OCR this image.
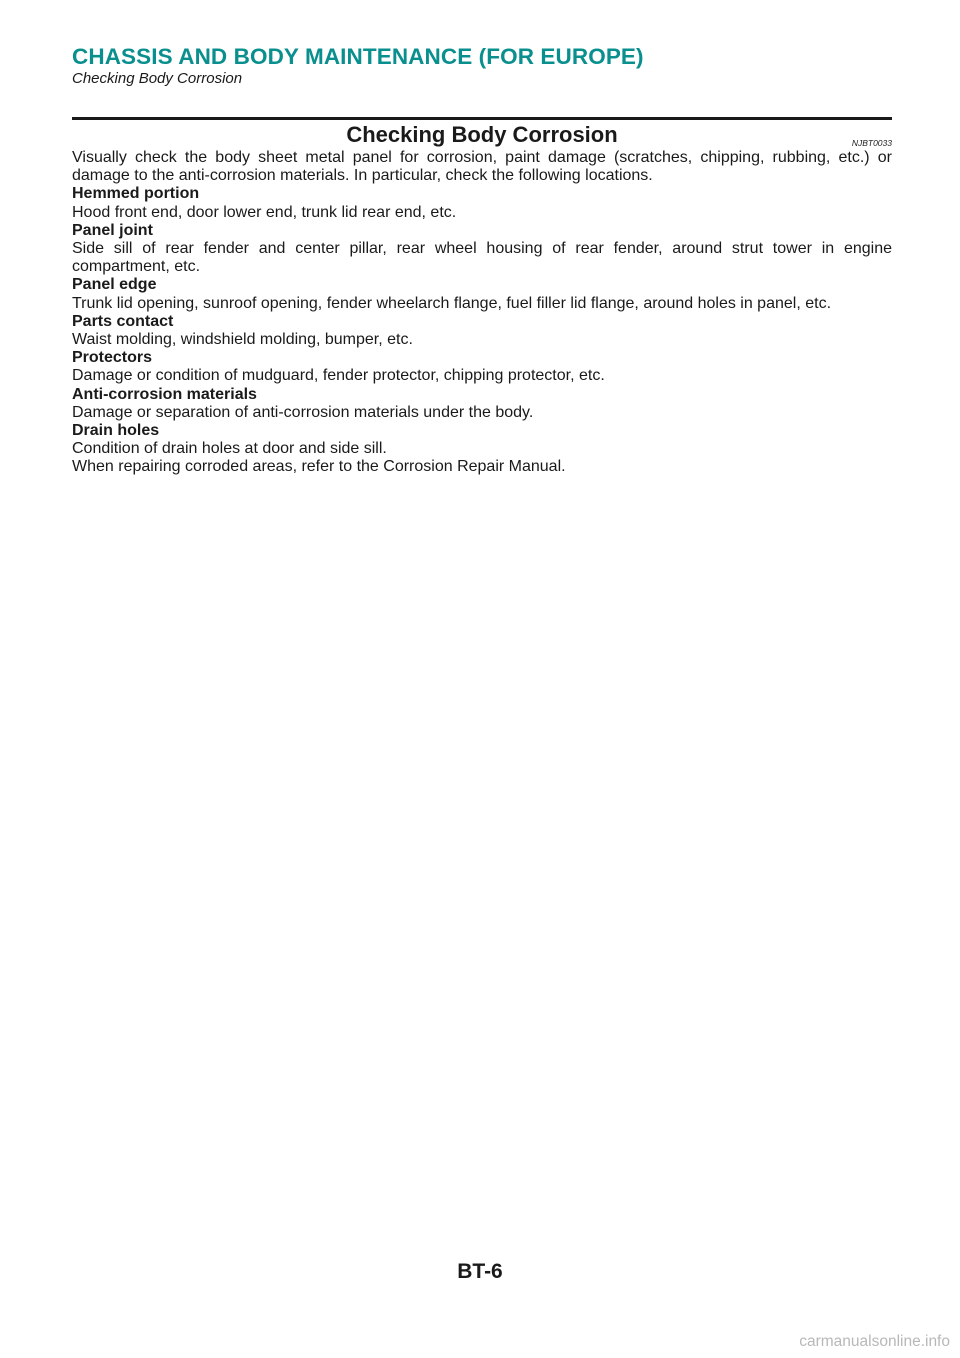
CHASSIS AND BODY MAINTENANCE (FOR EUROPE)
Checking Body Corrosion
Checking Body Corrosion	NJBT0033

Visually check the body sheet metal panel for corrosion, paint damage (scratches, chipping, rubbing, etc.) or damage to the anti-corrosion materials. In particular, check the following locations.

Hemmed portion

Hood front end, door lower end, trunk lid rear end, etc.

Panel joint

Side sill of rear fender and center pillar, rear wheel housing of rear fender, around strut tower in engine compartment, etc.

Panel edge

Trunk lid opening, sunroof opening, fender wheelarch flange, fuel filler lid flange, around holes in panel, etc.

Parts contact

Waist molding, windshield molding, bumper, etc.

Protectors

Damage or condition of mudguard, fender protector, chipping protector, etc.

Anti-corrosion materials

Damage or separation of anti-corrosion materials under the body.

Drain holes

Condition of drain holes at door and side sill.

When repairing corroded areas, refer to the Corrosion Repair Manual.

BT-6
carmanualsonline.info
